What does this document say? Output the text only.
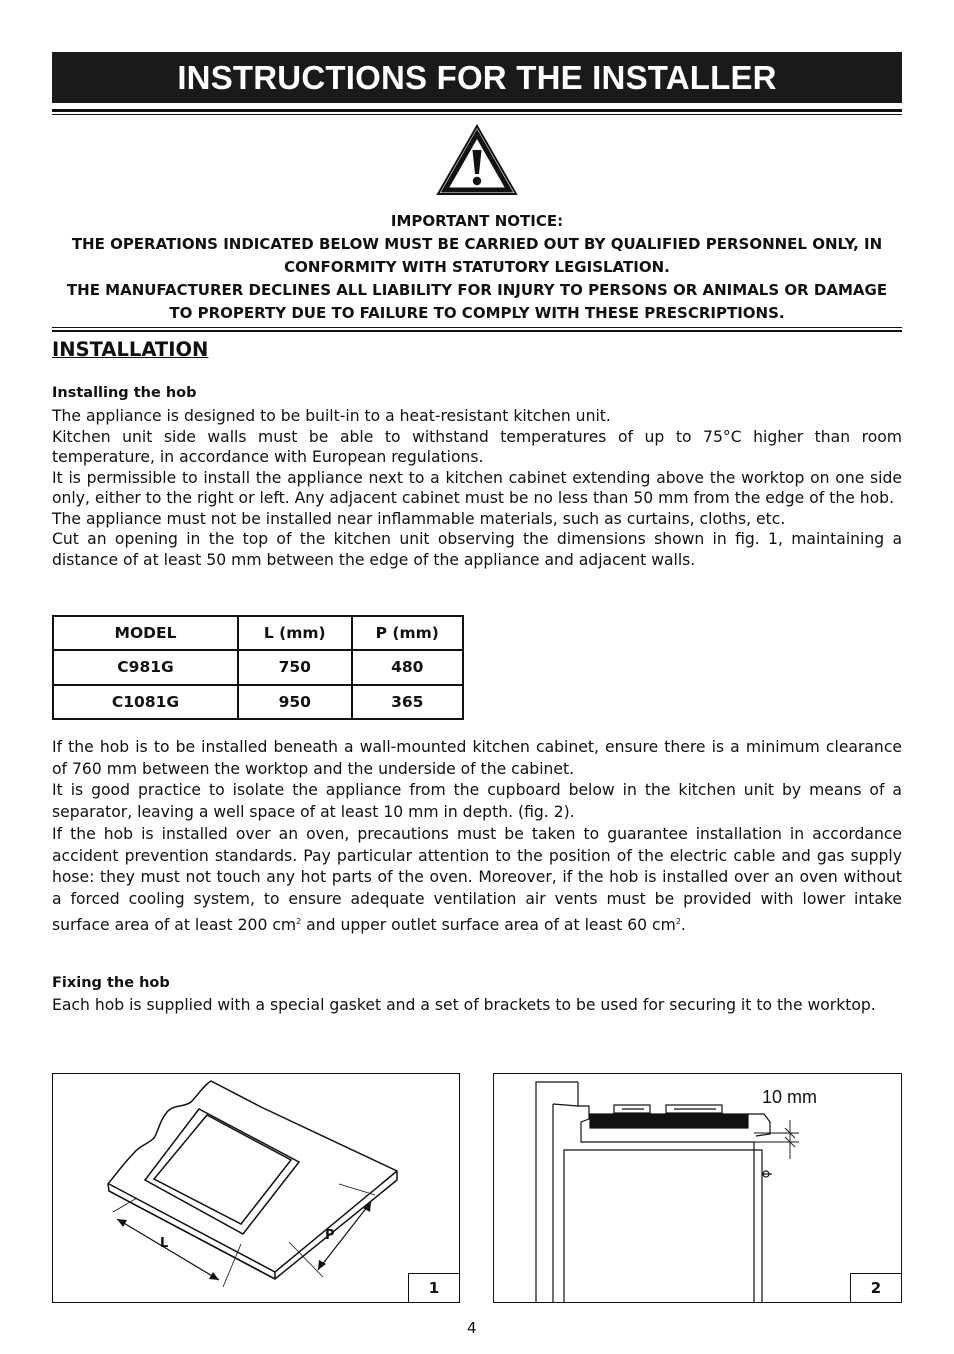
INSTRUCTIONS FOR THE INSTALLER
IMPORTANT NOTICE:
THE OPERATIONS INDICATED BELOW MUST BE CARRIED OUT BY QUALIFIED PERSONNEL ONLY, IN CONFORMITY WITH STATUTORY LEGISLATION.
THE MANUFACTURER DECLINES ALL LIABILITY FOR INJURY TO PERSONS OR ANIMALS OR DAMAGE TO PROPERTY DUE TO FAILURE TO COMPLY WITH THESE PRESCRIPTIONS.
INSTALLATION
Installing the hob

The appliance is designed to be built-in to a heat-resistant kitchen unit.

Kitchen unit side walls must be able to withstand temperatures of up to 75°C higher than room temperature, in accordance with European regulations.

It is permissible to install the appliance next to a kitchen cabinet extending above the worktop on one side only, either to the right or left. Any adjacent cabinet must be no less than 50 mm from the edge of the hob.

The appliance must not be installed near inflammable materials, such as curtains, cloths, etc.

Cut an opening in the top of the kitchen unit observing the dimensions shown in fig. 1, maintaining a distance of at least 50 mm between the edge of the appliance and adjacent walls.

MODEL	L (mm)	P (mm)
C981G	750	480
C1081G	950	365

If the hob is to be installed beneath a wall-mounted kitchen cabinet, ensure there is a minimum clearance of 760 mm between the worktop and the underside of the cabinet.

It is good practice to isolate the appliance from the cupboard below in the kitchen unit by means of a separator, leaving a well space of at least 10 mm in depth. (fig. 2).

If the hob is installed over an oven, precautions must be taken to guarantee installation in accordance accident prevention standards. Pay particular attention to the position of the electric cable and gas supply hose: they must not touch any hot parts of the oven. Moreover, if the hob is installed over an oven without a forced cooling system, to ensure adequate ventilation air vents must be provided with lower intake surface area of at least 200 $cm^2$ and upper outlet surface area of at least 60 $cm^2$.

Fixing the hob

Each hob is supplied with a special gasket and a set of brackets to be used for securing it to the worktop.

L
P
1
10 mm
2
4
